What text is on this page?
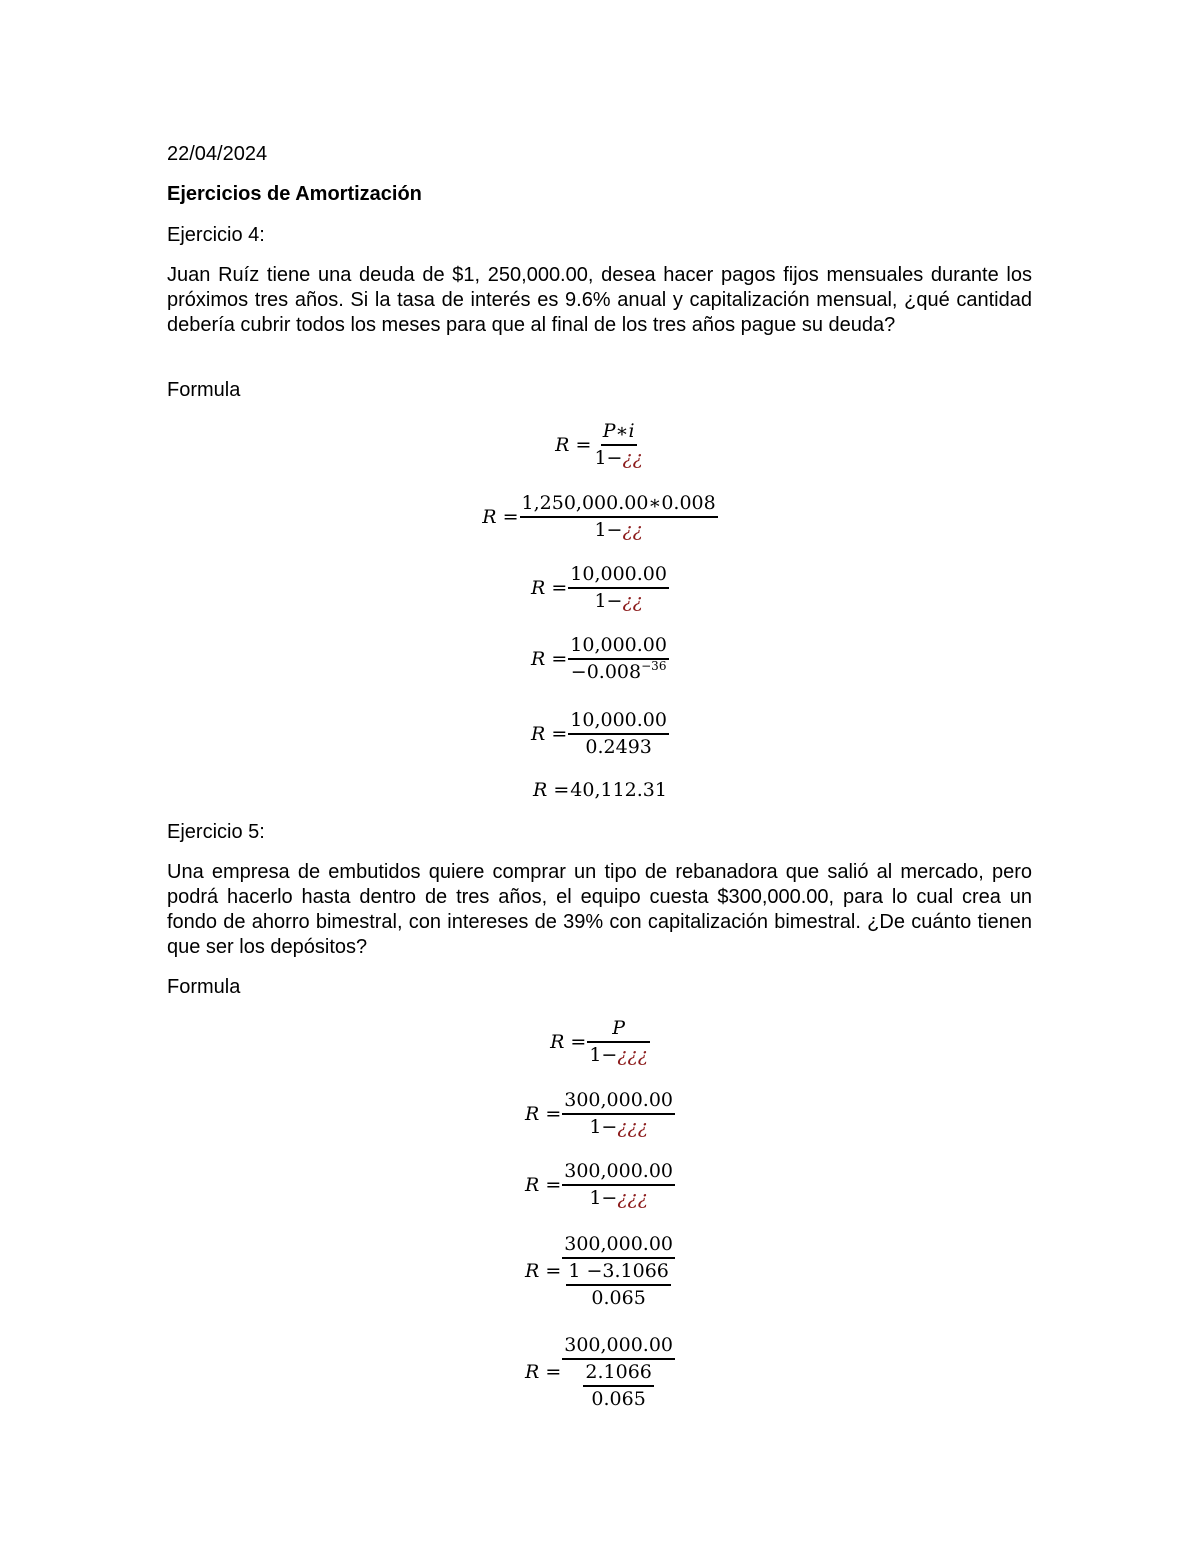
22/04/2024
Ejercicios de Amortización
Ejercicio 4:
Juan Ruíz tiene una deuda de $1, 250,000.00, desea hacer pagos fijos mensuales durante los próximos tres años. Si la tasa de interés es 9.6% anual y capitalización mensual, ¿qué cantidad debería cubrir todos los meses para que al final de los tres años pague su deuda?
Formula
$R = \frac{P∗i}{1-¿¿}$
$R = \frac{1,250,000.00∗0.008}{1-¿¿}$
$R = \frac{10,000.00}{1-¿¿}$
$R = \frac{10,000.00}{-0.008^{-36}}$
$R = \frac{10,000.00}{0.2493}$
R = 40,112.31
Ejercicio 5:
Una empresa de embutidos quiere comprar un tipo de rebanadora que salió al mercado, pero podrá hacerlo hasta dentro de tres años, el equipo cuesta $300,000.00, para lo cual crea un fondo de ahorro bimestral, con intereses de 39% con capitalización bimestral. ¿De cuánto tienen que ser los depósitos?
Formula
$R = \frac{P}{1-¿¿¿}$
$R = \frac{300,000.00}{1-¿¿¿}$
$R = \frac{300,000.00}{1-¿¿¿}$
$R = \frac{300,000.00}{\frac{1 -3.1066}{0.065}}$
$R = \frac{300,000.00}{\frac{2.1066}{0.065}}$
